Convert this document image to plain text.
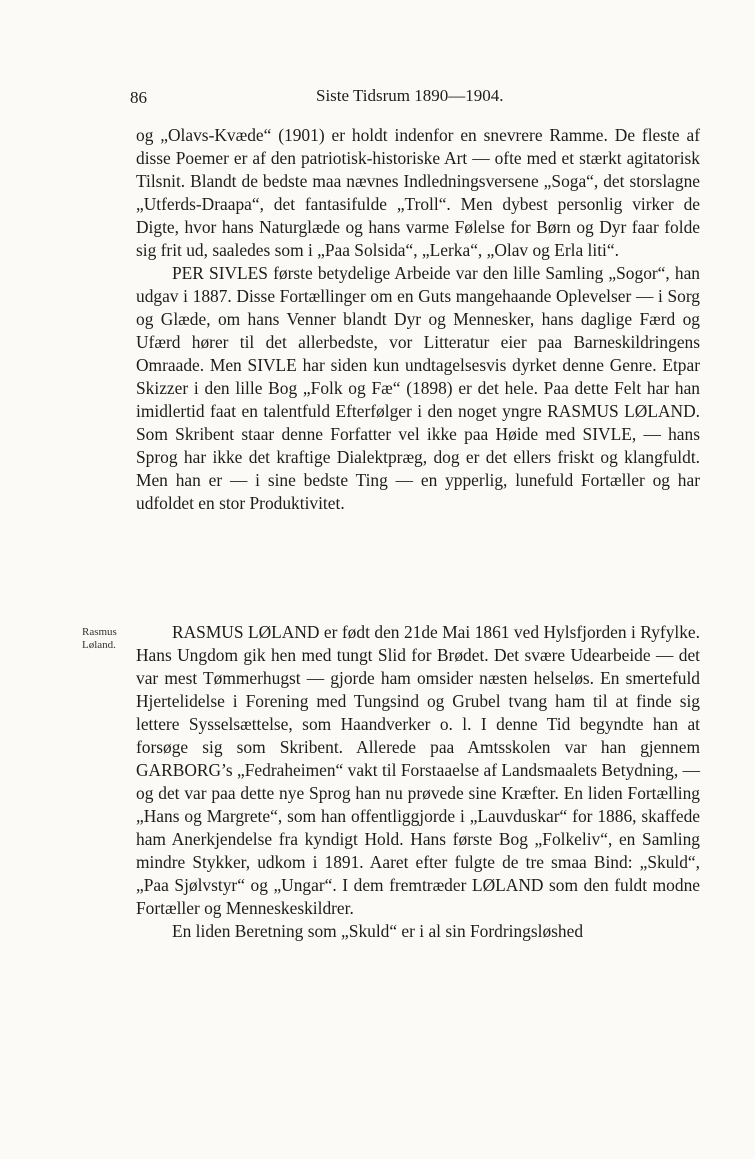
86	Siste Tidsrum 1890—1904.

og „Olavs-Kvæde“ (1901) er holdt indenfor en snevrere Ramme. De fleste af disse Poemer er af den patriotisk-historiske Art — ofte med et stærkt agitatorisk Tilsnit. Blandt de bedste maa nævnes Indledningsversene „Soga“, det storslagne „Utferds-Draapa“, det fantasifulde „Troll“. Men dybest personlig virker de Digte, hvor hans Naturglæde og hans varme Følelse for Børn og Dyr faar folde sig frit ud, saaledes som i „Paa Solsida“, „Lerka“, „Olav og Erla liti“.

PER SIVLES første betydelige Arbeide var den lille Samling „Sogor“, han udgav i 1887. Disse Fortællinger om en Guts mangehaande Oplevelser — i Sorg og Glæde, om hans Venner blandt Dyr og Mennesker, hans daglige Færd og Ufærd hører til det allerbedste, vor Litteratur eier paa Barneskildringens Omraade. Men SIVLE har siden kun undtagelsesvis dyrket denne Genre. Etpar Skizzer i den lille Bog „Folk og Fæ“ (1898) er det hele. Paa dette Felt har han imidlertid faat en talentfuld Efterfølger i den noget yngre RASMUS LØLAND. Som Skribent staar denne Forfatter vel ikke paa Høide med SIVLE, — hans Sprog har ikke det kraftige Dialektpræg, dog er det ellers friskt og klangfuldt. Men han er — i sine bedste Ting — en ypperlig, lunefuld Fortæller og har udfoldet en stor Produktivitet.

Rasmus
Løland.

RASMUS LØLAND er født den 21de Mai 1861 ved Hylsfjorden i Ryfylke. Hans Ungdom gik hen med tungt Slid for Brødet. Det svære Udearbeide — det var mest Tømmerhugst — gjorde ham omsider næsten helseløs. En smertefuld Hjertelidelse i Forening med Tungsind og Grubel tvang ham til at finde sig lettere Sysselsættelse, som Haandverker o. l. I denne Tid begyndte han at forsøge sig som Skribent. Allerede paa Amtsskolen var han gjennem GARBORG’s „Fedraheimen“ vakt til Forstaaelse af Landsmaalets Betydning, — og det var paa dette nye Sprog han nu prøvede sine Kræfter. En liden Fortælling „Hans og Margrete“, som han offentliggjorde i „Lauvduskar“ for 1886, skaffede ham Anerkjendelse fra kyndigt Hold. Hans første Bog „Folkeliv“, en Samling mindre Stykker, udkom i 1891. Aaret efter fulgte de tre smaa Bind: „Skuld“, „Paa Sjølvstyr“ og „Ungar“. I dem fremtræder LØLAND som den fuldt modne Fortæller og Menneskeskildrer.

En liden Beretning som „Skuld“ er i al sin Fordringsløshed
